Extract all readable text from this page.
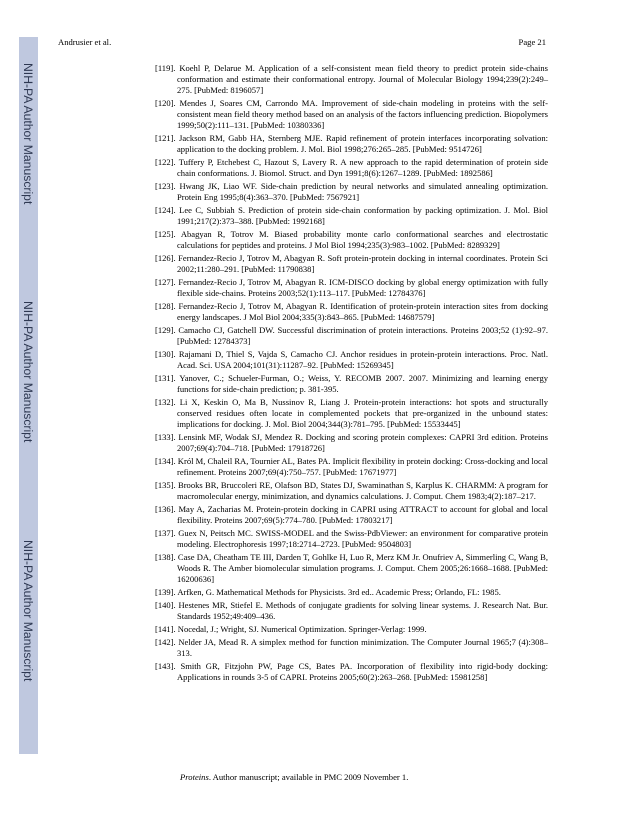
NIH-PA Author Manuscript
NIH-PA Author Manuscript
NIH-PA Author Manuscript
Andrusier et al.	Page 21
[119]. Koehl P, Delarue M. Application of a self-consistent mean field theory to predict protein side-chains conformation and estimate their conformational entropy. Journal of Molecular Biology 1994;239(2):249–275. [PubMed: 8196057]
[120]. Mendes J, Soares CM, Carrondo MA. Improvement of side-chain modeling in proteins with the self-consistent mean field theory method based on an analysis of the factors influencing prediction. Biopolymers 1999;50(2):111–131. [PubMed: 10380336]
[121]. Jackson RM, Gabb HA, Sternberg MJE. Rapid refinement of protein interfaces incorporating solvation: application to the docking problem. J. Mol. Biol 1998;276:265–285. [PubMed: 9514726]
[122]. Tuffery P, Etchebest C, Hazout S, Lavery R. A new approach to the rapid determination of protein side chain conformations. J. Biomol. Struct. and Dyn 1991;8(6):1267–1289. [PubMed: 1892586]
[123]. Hwang JK, Liao WF. Side-chain prediction by neural networks and simulated annealing optimization. Protein Eng 1995;8(4):363–370. [PubMed: 7567921]
[124]. Lee C, Subbiah S. Prediction of protein side-chain conformation by packing optimization. J. Mol. Biol 1991;217(2):373–388. [PubMed: 1992168]
[125]. Abagyan R, Totrov M. Biased probability monte carlo conformational searches and electrostatic calculations for peptides and proteins. J Mol Biol 1994;235(3):983–1002. [PubMed: 8289329]
[126]. Fernandez-Recio J, Totrov M, Abagyan R. Soft protein-protein docking in internal coordinates. Protein Sci 2002;11:280–291. [PubMed: 11790838]
[127]. Fernandez-Recio J, Totrov M, Abagyan R. ICM-DISCO docking by global energy optimization with fully flexible side-chains. Proteins 2003;52(1):113–117. [PubMed: 12784376]
[128]. Fernandez-Recio J, Totrov M, Abagyan R. Identification of protein-protein interaction sites from docking energy landscapes. J Mol Biol 2004;335(3):843–865. [PubMed: 14687579]
[129]. Camacho CJ, Gatchell DW. Successful discrimination of protein interactions. Proteins 2003;52 (1):92–97. [PubMed: 12784373]
[130]. Rajamani D, Thiel S, Vajda S, Camacho CJ. Anchor residues in protein-protein interactions. Proc. Natl. Acad. Sci. USA 2004;101(31):11287–92. [PubMed: 15269345]
[131]. Yanover, C.; Schueler-Furman, O.; Weiss, Y. RECOMB 2007. 2007. Minimizing and learning energy functions for side-chain prediction; p. 381-395.
[132]. Li X, Keskin O, Ma B, Nussinov R, Liang J. Protein-protein interactions: hot spots and structurally conserved residues often locate in complemented pockets that pre-organized in the unbound states: implications for docking. J. Mol. Biol 2004;344(3):781–795. [PubMed: 15533445]
[133]. Lensink MF, Wodak SJ, Mendez R. Docking and scoring protein complexes: CAPRI 3rd edition. Proteins 2007;69(4):704–718. [PubMed: 17918726]
[134]. Król M, Chaleil RA, Tournier AL, Bates PA. Implicit flexibility in protein docking: Cross-docking and local refinement. Proteins 2007;69(4):750–757. [PubMed: 17671977]
[135]. Brooks BR, Bruccoleri RE, Olafson BD, States DJ, Swaminathan S, Karplus K. CHARMM: A program for macromolecular energy, minimization, and dynamics calculations. J. Comput. Chem 1983;4(2):187–217.
[136]. May A, Zacharias M. Protein-protein docking in CAPRI using ATTRACT to account for global and local flexibility. Proteins 2007;69(5):774–780. [PubMed: 17803217]
[137]. Guex N, Peitsch MC. SWISS-MODEL and the Swiss-PdbViewer: an environment for comparative protein modeling. Electrophoresis 1997;18:2714–2723. [PubMed: 9504803]
[138]. Case DA, Cheatham TE III, Darden T, Gohlke H, Luo R, Merz KM Jr. Onufriev A, Simmerling C, Wang B, Woods R. The Amber biomolecular simulation programs. J. Comput. Chem 2005;26:1668–1688. [PubMed: 16200636]
[139]. Arfken, G. Mathematical Methods for Physicists. 3rd ed.. Academic Press; Orlando, FL: 1985.
[140]. Hestenes MR, Stiefel E. Methods of conjugate gradients for solving linear systems. J. Research Nat. Bur. Standards 1952;49:409–436.
[141]. Nocedal, J.; Wright, SJ. Numerical Optimization. Springer-Verlag: 1999.
[142]. Nelder JA, Mead R. A simplex method for function minimization. The Computer Journal 1965;7 (4):308–313.
[143]. Smith GR, Fitzjohn PW, Page CS, Bates PA. Incorporation of flexibility into rigid-body docking: Applications in rounds 3-5 of CAPRI. Proteins 2005;60(2):263–268. [PubMed: 15981258]
Proteins. Author manuscript; available in PMC 2009 November 1.
